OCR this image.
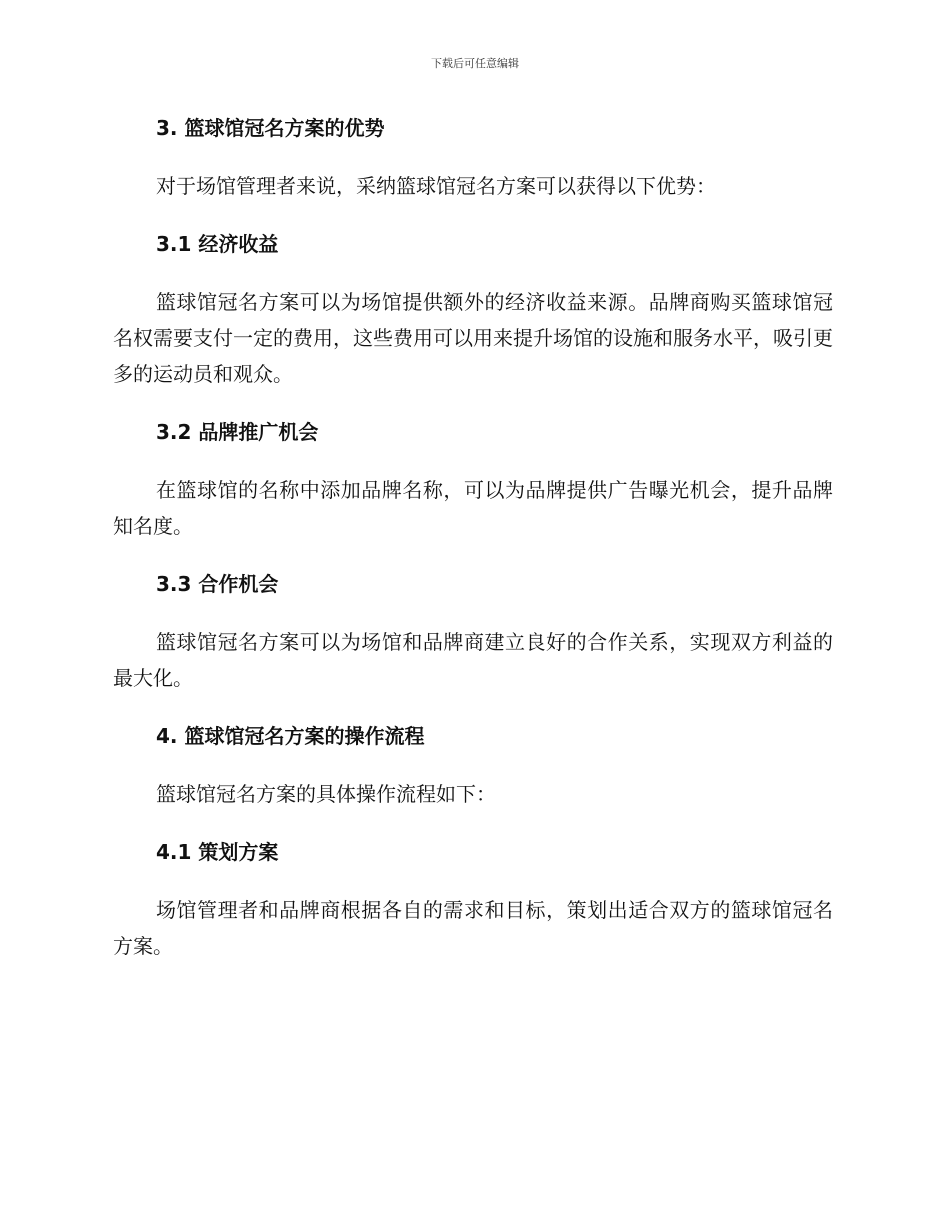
下载后可任意编辑
3. 篮球馆冠名方案的优势

对于场馆管理者来说，采纳篮球馆冠名方案可以获得以下优势：

3.1 经济收益

篮球馆冠名方案可以为场馆提供额外的经济收益来源。品牌商购买篮球馆冠名权需要支付一定的费用，这些费用可以用来提升场馆的设施和服务水平，吸引更多的运动员和观众。

3.2 品牌推广机会

在篮球馆的名称中添加品牌名称，可以为品牌提供广告曝光机会，提升品牌知名度。

3.3 合作机会

篮球馆冠名方案可以为场馆和品牌商建立良好的合作关系，实现双方利益的最大化。

4. 篮球馆冠名方案的操作流程

篮球馆冠名方案的具体操作流程如下：

4.1 策划方案

场馆管理者和品牌商根据各自的需求和目标，策划出适合双方的篮球馆冠名方案。
